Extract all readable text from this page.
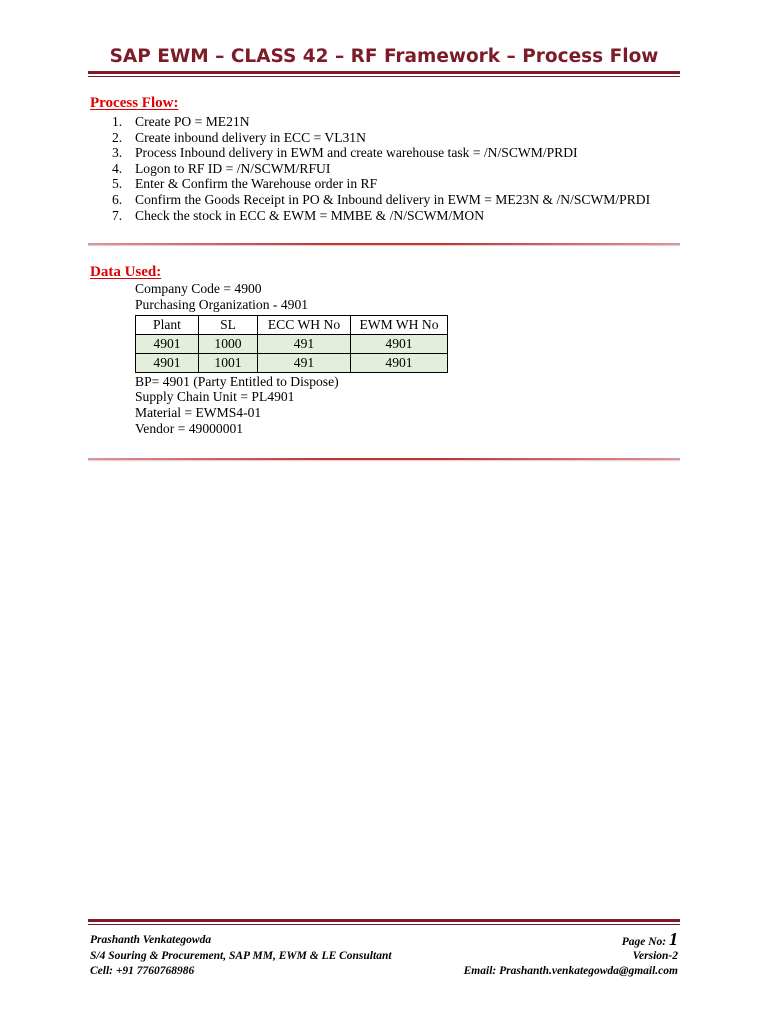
SAP EWM – CLASS 42 – RF Framework – Process Flow
Process Flow:
1. Create PO = ME21N
2. Create inbound delivery in ECC = VL31N
3. Process Inbound delivery in EWM and create warehouse task = /N/SCWM/PRDI
4. Logon to RF ID = /N/SCWM/RFUI
5. Enter & Confirm the Warehouse order in RF
6. Confirm the Goods Receipt in PO & Inbound delivery in EWM = ME23N & /N/SCWM/PRDI
7. Check the stock in ECC & EWM = MMBE & /N/SCWM/MON
Data Used:
Company Code = 4900
Purchasing Organization - 4901
Plant	SL	ECC WH No	EWM WH No
4901	1000	491	4901
4901	1001	491	4901
BP= 4901 (Party Entitled to Dispose)
Supply Chain Unit = PL4901
Material = EWMS4-01
Vendor = 49000001
Prashanth Venkategowda
S/4 Souring & Procurement, SAP MM, EWM & LE Consultant
Cell: +91 7760768986
Page No: 1
Version-2
Email: Prashanth.venkategowda@gmail.com
